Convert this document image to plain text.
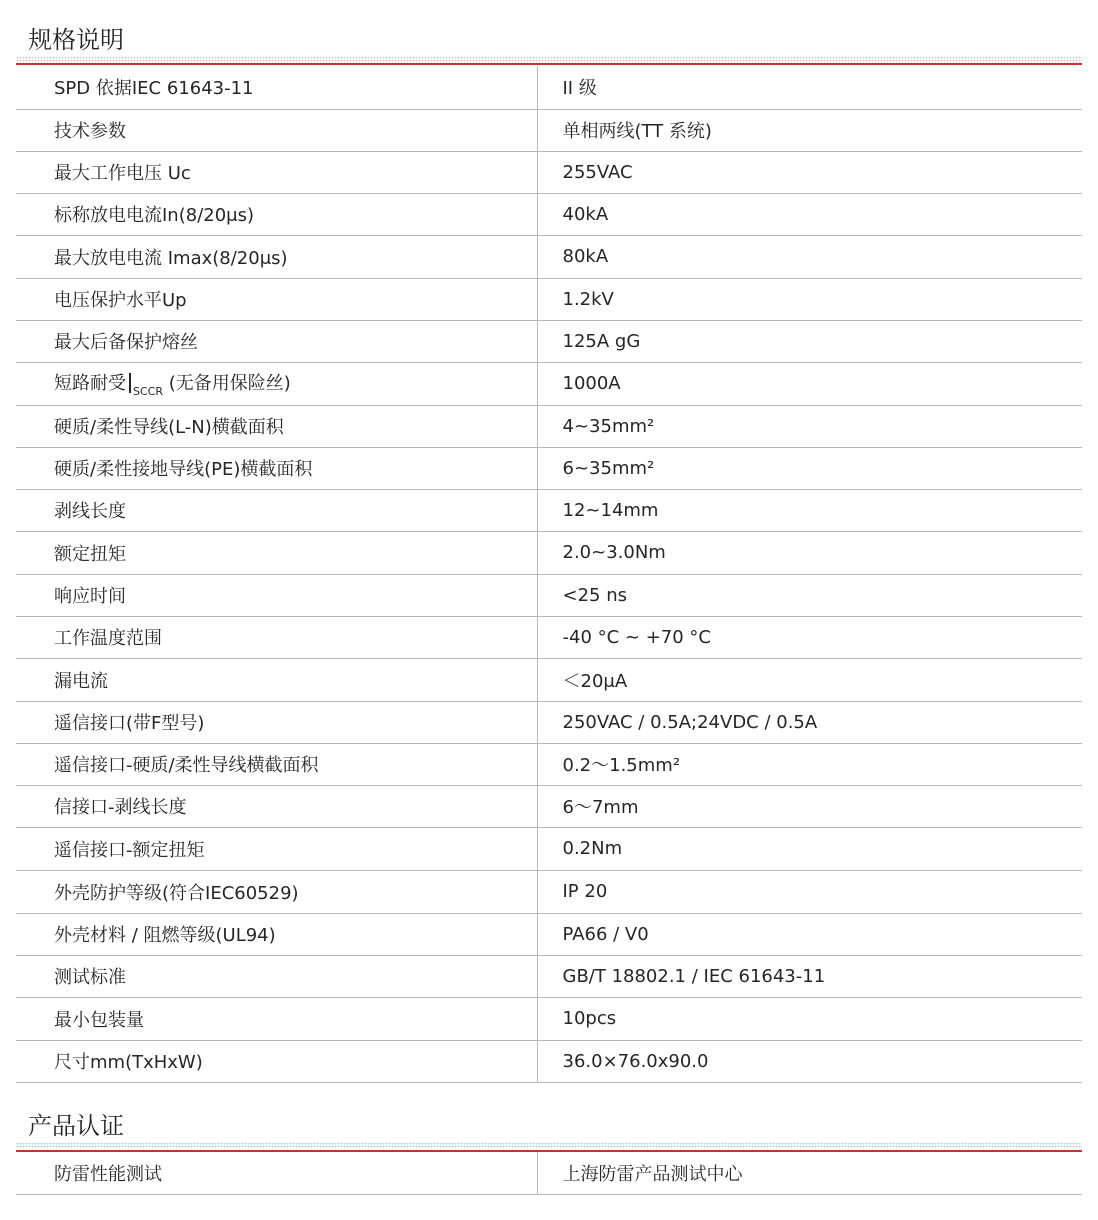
规格说明
SPD 依据IEC 61643-11	II 级
技术参数	单相两线(TT 系统)
最大工作电压 Uc	255VAC
标称放电电流In(8/20μs)	40kA
最大放电电流 Imax(8/20μs)	80kA
电压保护水平Up	1.2kV
最大后备保护熔丝	125A gG
短路耐受 $_{SCCR}$ (无备用保险丝)	1000A
硬质/柔性导线(L-N)横截面积	4~35mm²
硬质/柔性接地导线(PE)横截面积	6~35mm²
剥线长度	12~14mm
额定扭矩	2.0~3.0Nm
响应时间	<25 ns
工作温度范围	-40 °C ~ +70 °C
漏电流	＜20μA
遥信接口(带F型号)	250VAC / 0.5A;24VDC / 0.5A
遥信接口-硬质/柔性导线横截面积	0.2～1.5mm²
信接口-剥线长度	6～7mm
遥信接口-额定扭矩	0.2Nm
外壳防护等级(符合IEC60529)	IP 20
外壳材料 / 阻燃等级(UL94)	PA66 / V0
测试标准	GB/T 18802.1 / IEC 61643-11
最小包装量	10pcs
尺寸mm(TxHxW)	36.0×76.0x90.0
产品认证
防雷性能测试	上海防雷产品测试中心
